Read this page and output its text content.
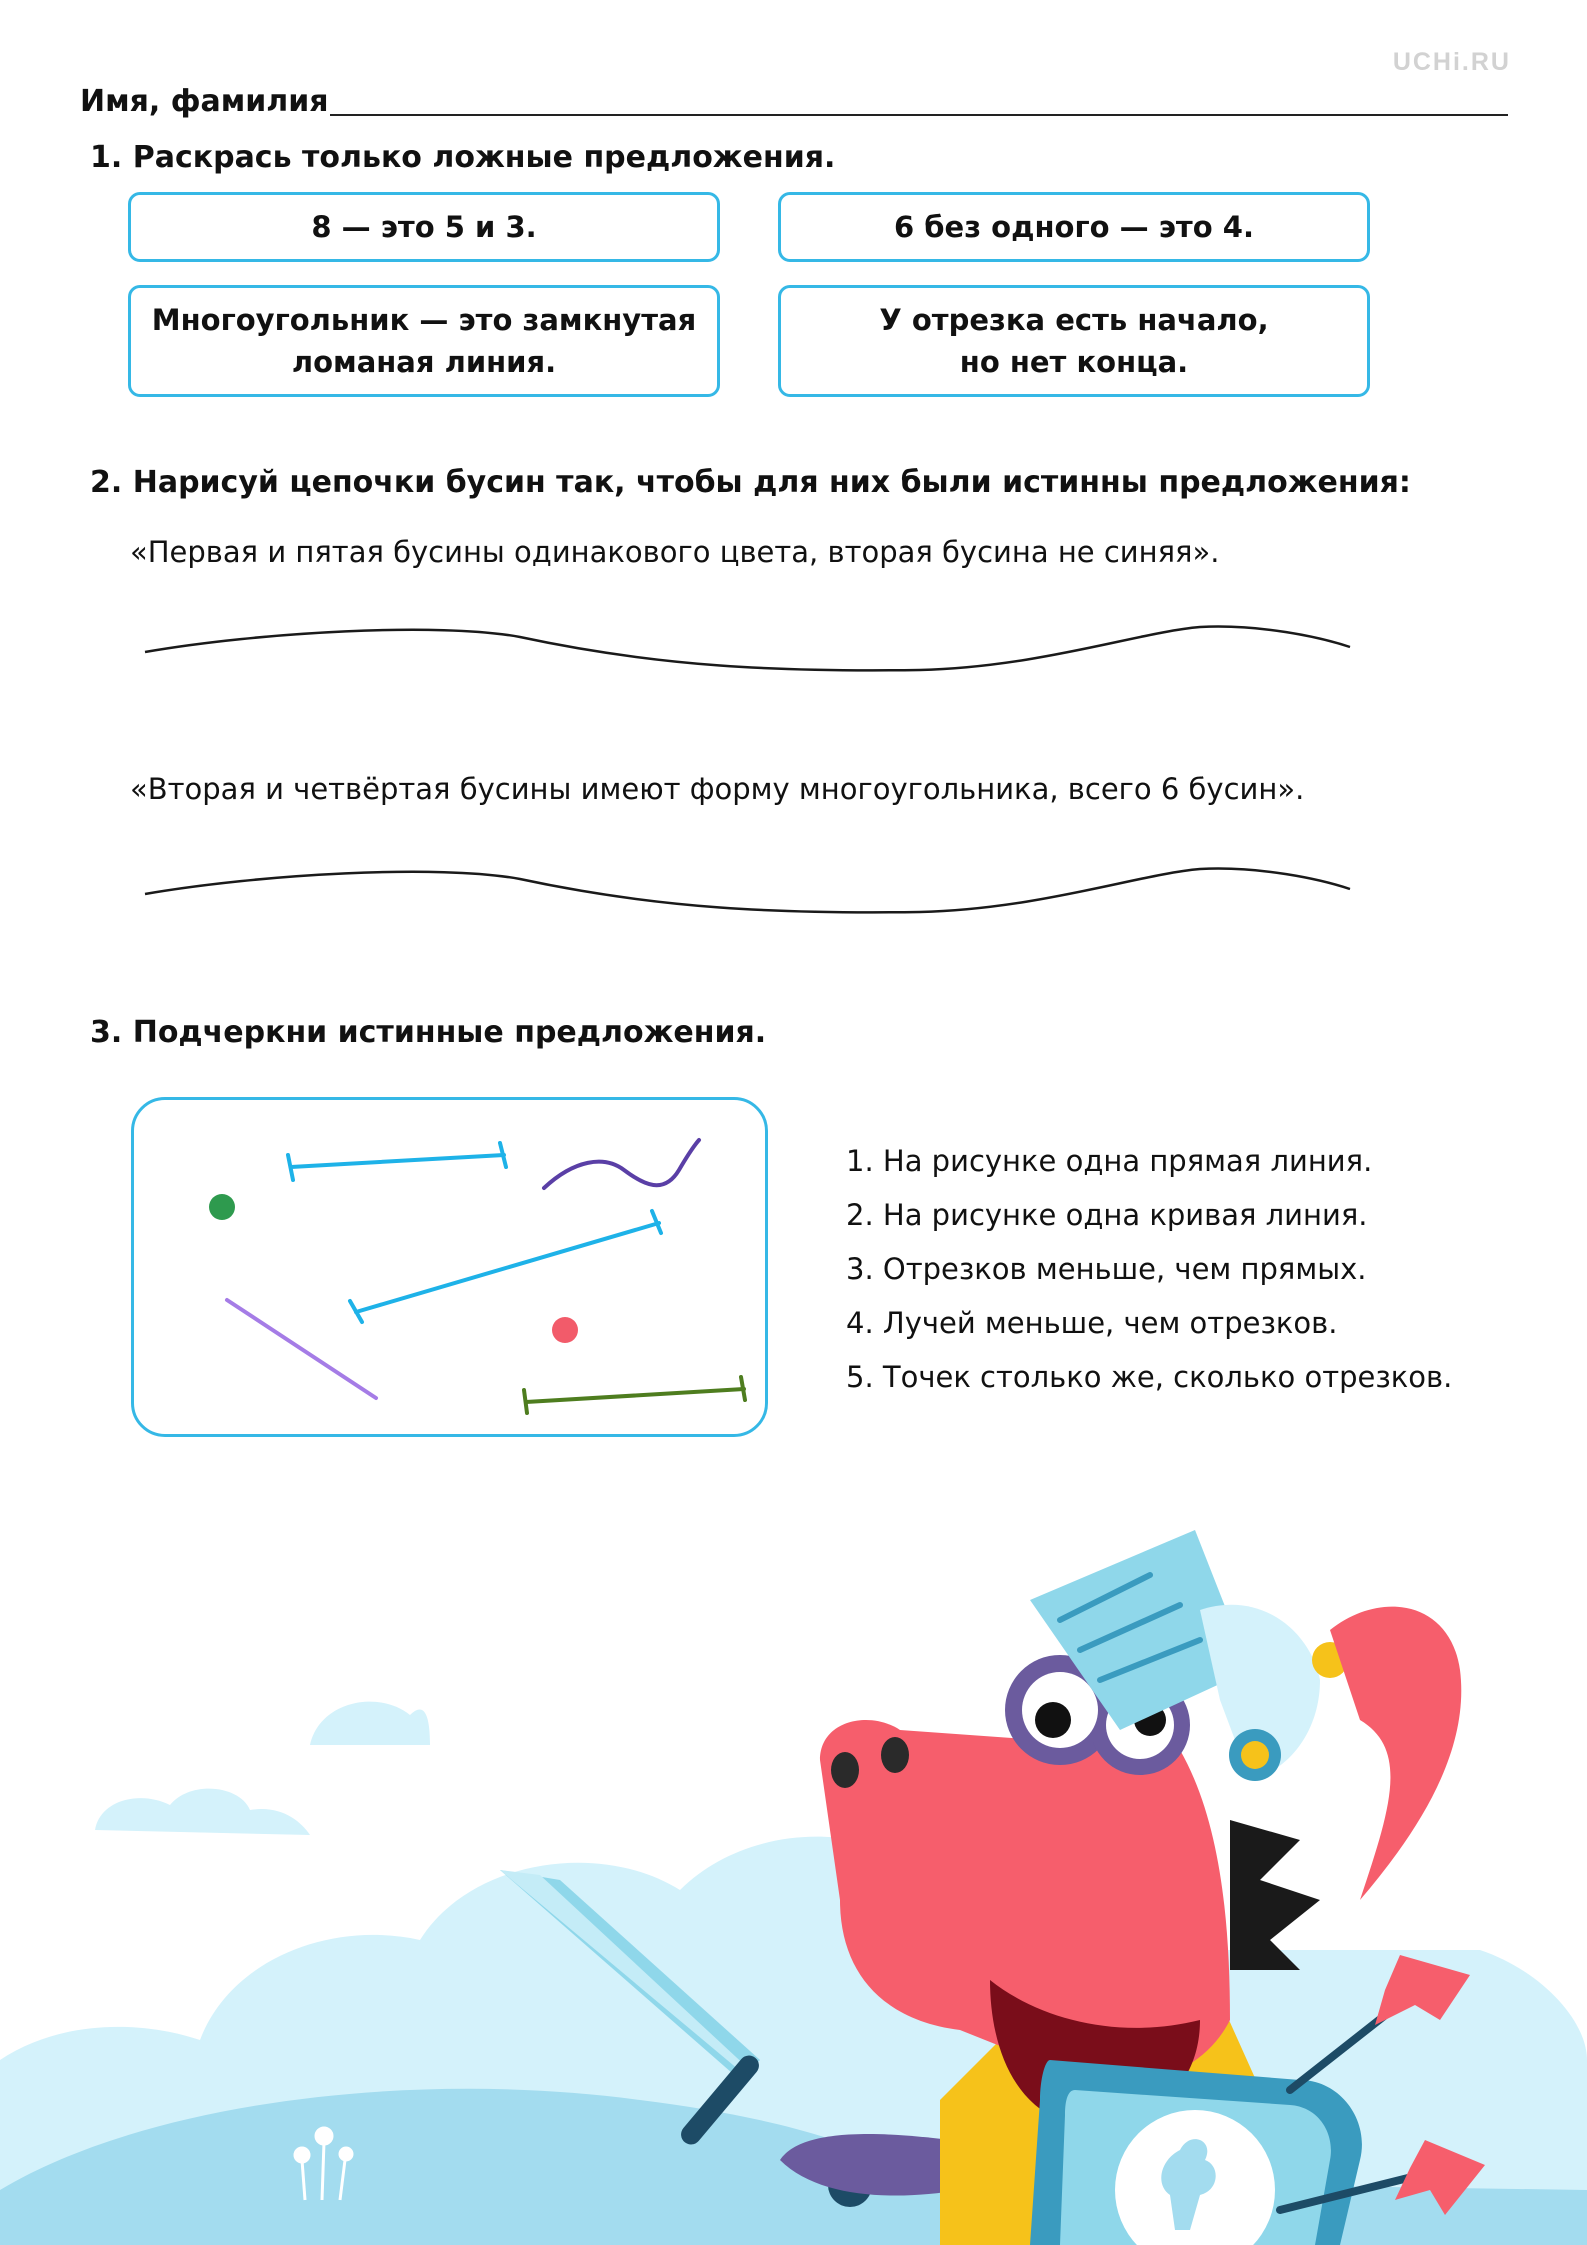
UCHi.RU
Имя, фамилия
1. Раскрась только ложные предложения.
8 — это 5 и 3.	6 без одного — это 4.
Многоугольник — это замкнутая
ломаная линия.
У отрезка есть начало,
но нет конца.
2. Нарисуй цепочки бусин так, чтобы для них были истинны предложения:
«Первая и пятая бусины одинакового цвета, вторая бусина не синяя».
«Вторая и четвёртая бусины имеют форму многоугольника, всего 6 бусин».
3. Подчеркни истинные предложения.
1. На рисунке одна прямая линия.
2. На рисунке одна кривая линия.
3. Отрезков меньше, чем прямых.
4. Лучей меньше, чем отрезков.
5. Точек столько же, сколько отрезков.
